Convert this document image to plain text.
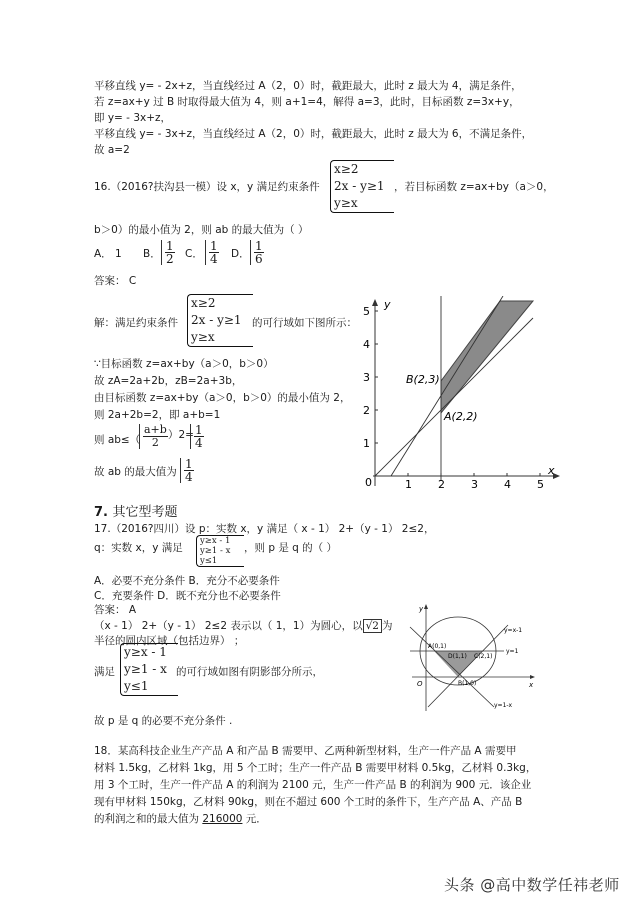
平移直线 y= - 2x+z，当直线经过 A（2，0）时，截距最大，此时 z 最大为 4，满足条件，
若 z=ax+y 过 B 时取得最大值为 4，则 a+1=4，解得 a=3，此时，目标函数 z=3x+y，
即 y= - 3x+z，
平移直线 y= - 3x+z，当直线经过 A（2，0）时，截距最大，此时 z 最大为 6，不满足条件，
故 a=2
16.（2016?扶沟县一模）设 x，y 满足约束条件
x≥2
2x - y≥1
y≥x
，若目标函数 z=ax+by（a＞0，
b＞0）的最小值为 2，则 ab 的最大值为（ ）
A． 1 B． $\frac{1}{2}$ C． $\frac{1}{4}$ D． $\frac{1}{6}$
答案： C
解：满足约束条件
x≥2
2x - y≥1
y≥x
的可行域如下图所示：
∵目标函数 z=ax+by（a＞0，b＞0）
故 zA=2a+2b，zB=2a+3b，
由目标函数 z=ax+by（a＞0，b＞0）的最小值为 2，
则 2a+2b=2，即 a+b=1
则 ab≤（
$\frac{a+b}{2} )2=$
$\frac{1}{4}$
故 ab 的最大值为 $\frac{1}{4}$
1 2 3 4 5
1
2
3
4
5
x
y
0
B(2,3)
A(2,2)
7. 其它型考题
17.（2016?四川）设 p：实数 x，y 满足（ x - 1） 2+（y - 1） 2≤2，
q：实数 x，y 满足
y≥x - 1
y≥1 - x
y≤1
，则 p 是 q 的（ ）
A．必要不充分条件 B．充分不必要条件
C．充要条件 D．既不充分也不必要条件
答案： A
（x - 1） 2+（y - 1） 2≤2 表示以（ 1，1）为圆心，以 √2 为
半径的圆内区域（包括边界） ；
满足
y≥x - 1
y≥1 - x
y≤1
的可行域如图有阴影部分所示，
故 p 是 q 的必要不充分条件 .
y
x
O
A(0,1)
D(1,1) C(2,1)
B(1,0)
y=x-1
y=1
y=1-x
18．某高科技企业生产产品 A 和产品 B 需要甲、乙两种新型材料，生产一件产品 A 需要甲
材料 1.5kg，乙材料 1kg，用 5 个工时；生产一件产品 B 需要甲材料 0.5kg，乙材料 0.3kg，
用 3 个工时，生产一件产品 A 的利润为 2100 元，生产一件产品 B 的利润为 900 元．该企业
现有甲材料 150kg，乙材料 90kg，则在不超过 600 个工时的条件下，生产产品 A、产品 B
的利润之和的最大值为 216000 元．
头条 @高中数学任祎老师
